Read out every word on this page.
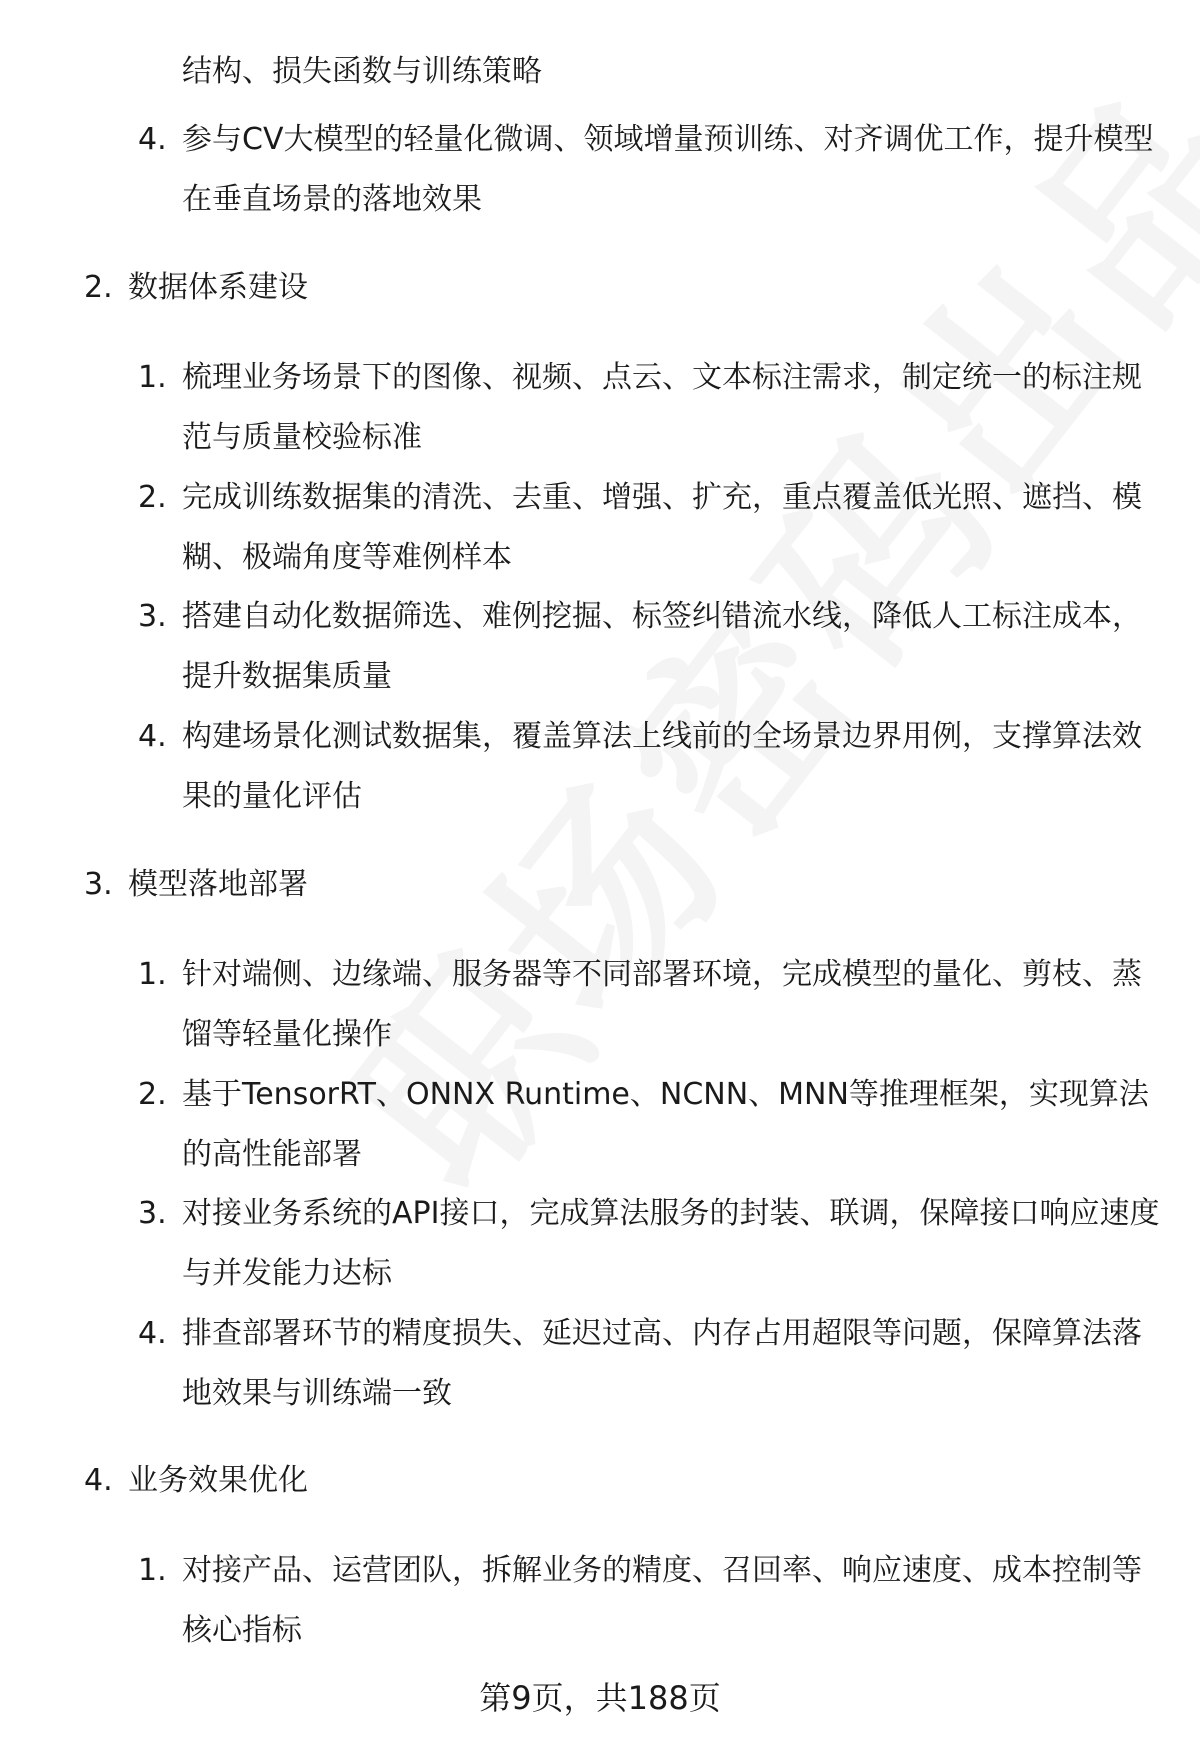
结构、损失函数与训练策略
4. 参与CV大模型的轻量化微调、领域增量预训练、对齐调优工作，提升模型
在垂直场景的落地效果
2. 数据体系建设
1. 梳理业务场景下的图像、视频、点云、文本标注需求，制定统一的标注规
范与质量校验标准
2. 完成训练数据集的清洗、去重、增强、扩充，重点覆盖低光照、遮挡、模
糊、极端角度等难例样本
3. 搭建自动化数据筛选、难例挖掘、标签纠错流水线，降低人工标注成本，
提升数据集质量
4. 构建场景化测试数据集，覆盖算法上线前的全场景边界用例，支撑算法效
果的量化评估
3. 模型落地部署
1. 针对端侧、边缘端、服务器等不同部署环境，完成模型的量化、剪枝、蒸
馏等轻量化操作
2. 基于TensorRT、ONNX Runtime、NCNN、MNN等推理框架，实现算法
的高性能部署
3. 对接业务系统的API接口，完成算法服务的封装、联调，保障接口响应速度
与并发能力达标
4. 排查部署环节的精度损失、延迟过高、内存占用超限等问题，保障算法落
地效果与训练端一致
4. 业务效果优化
1. 对接产品、运营团队，拆解业务的精度、召回率、响应速度、成本控制等
核心指标
第9页，共188页
